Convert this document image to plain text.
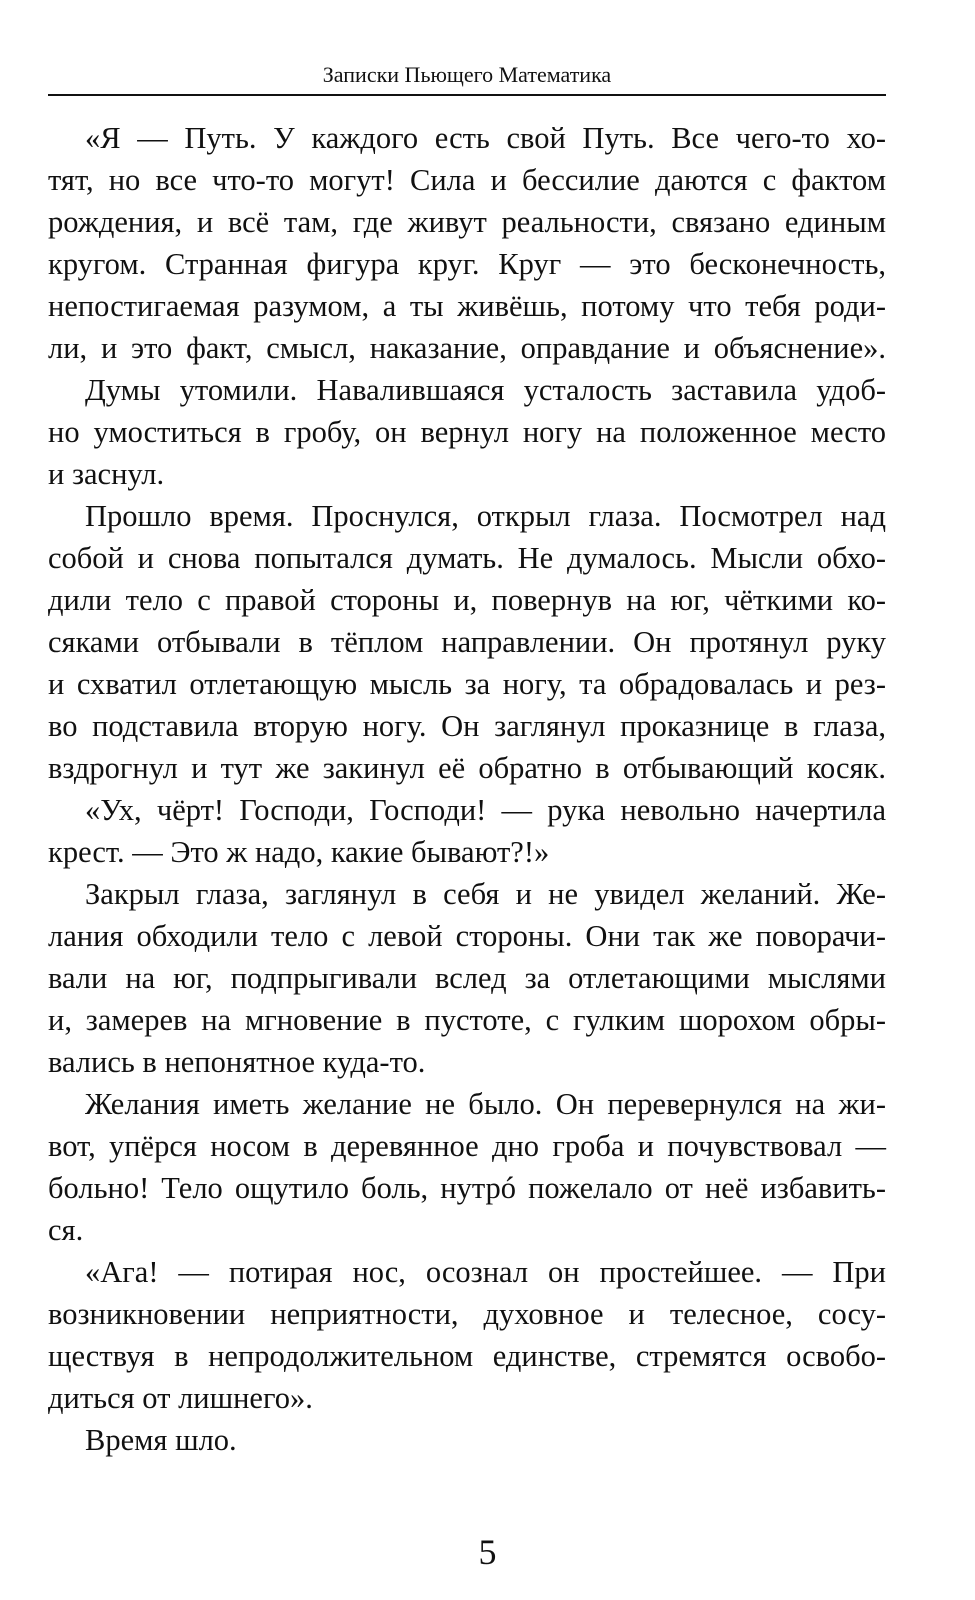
Записки Пьющего Математика
«Я — Путь. У каждого есть свой Путь. Все чего-то хо-
тят, но все что-то могут! Сила и бессилие даются с фактом
рождения, и всё там, где живут реальности, связано единым
кругом. Странная фигура круг. Круг — это бесконечность,
непостигаемая разумом, а ты живёшь, потому что тебя роди-
ли, и это факт, смысл, наказание, оправдание и объяснение».
Думы утомили. Навалившаяся усталость заставила удоб-
но умоститься в гробу, он вернул ногу на положенное место
и заснул.
Прошло время. Проснулся, открыл глаза. Посмотрел над
собой и снова попытался думать. Не думалось. Мысли обхо-
дили тело с правой стороны и, повернув на юг, чёткими ко-
сяками отбывали в тёплом направлении. Он протянул руку
и схватил отлетающую мысль за ногу, та обрадовалась и рез-
во подставила вторую ногу. Он заглянул проказнице в глаза,
вздрогнул и тут же закинул её обратно в отбывающий косяк.
«Ух, чёрт! Господи, Господи! — рука невольно начертила
крест. — Это ж надо, какие бывают?!»
Закрыл глаза, заглянул в себя и не увидел желаний. Же-
лания обходили тело с левой стороны. Они так же поворачи-
вали на юг, подпрыгивали вслед за отлетающими мыслями
и, замерев на мгновение в пустоте, с гулким шорохом обры-
вались в непонятное куда-то.
Желания иметь желание не было. Он перевернулся на жи-
вот, упёрся носом в деревянное дно гроба и почувствовал —
больно! Тело ощутило боль, нутрó пожелало от неё избавить-
ся.
«Ага! — потирая нос, осознал он простейшее. — При
возникновении неприятности, духовное и телесное, сосу-
ществуя в непродолжительном единстве, стремятся освобо-
диться от лишнего».
Время шло.
5
